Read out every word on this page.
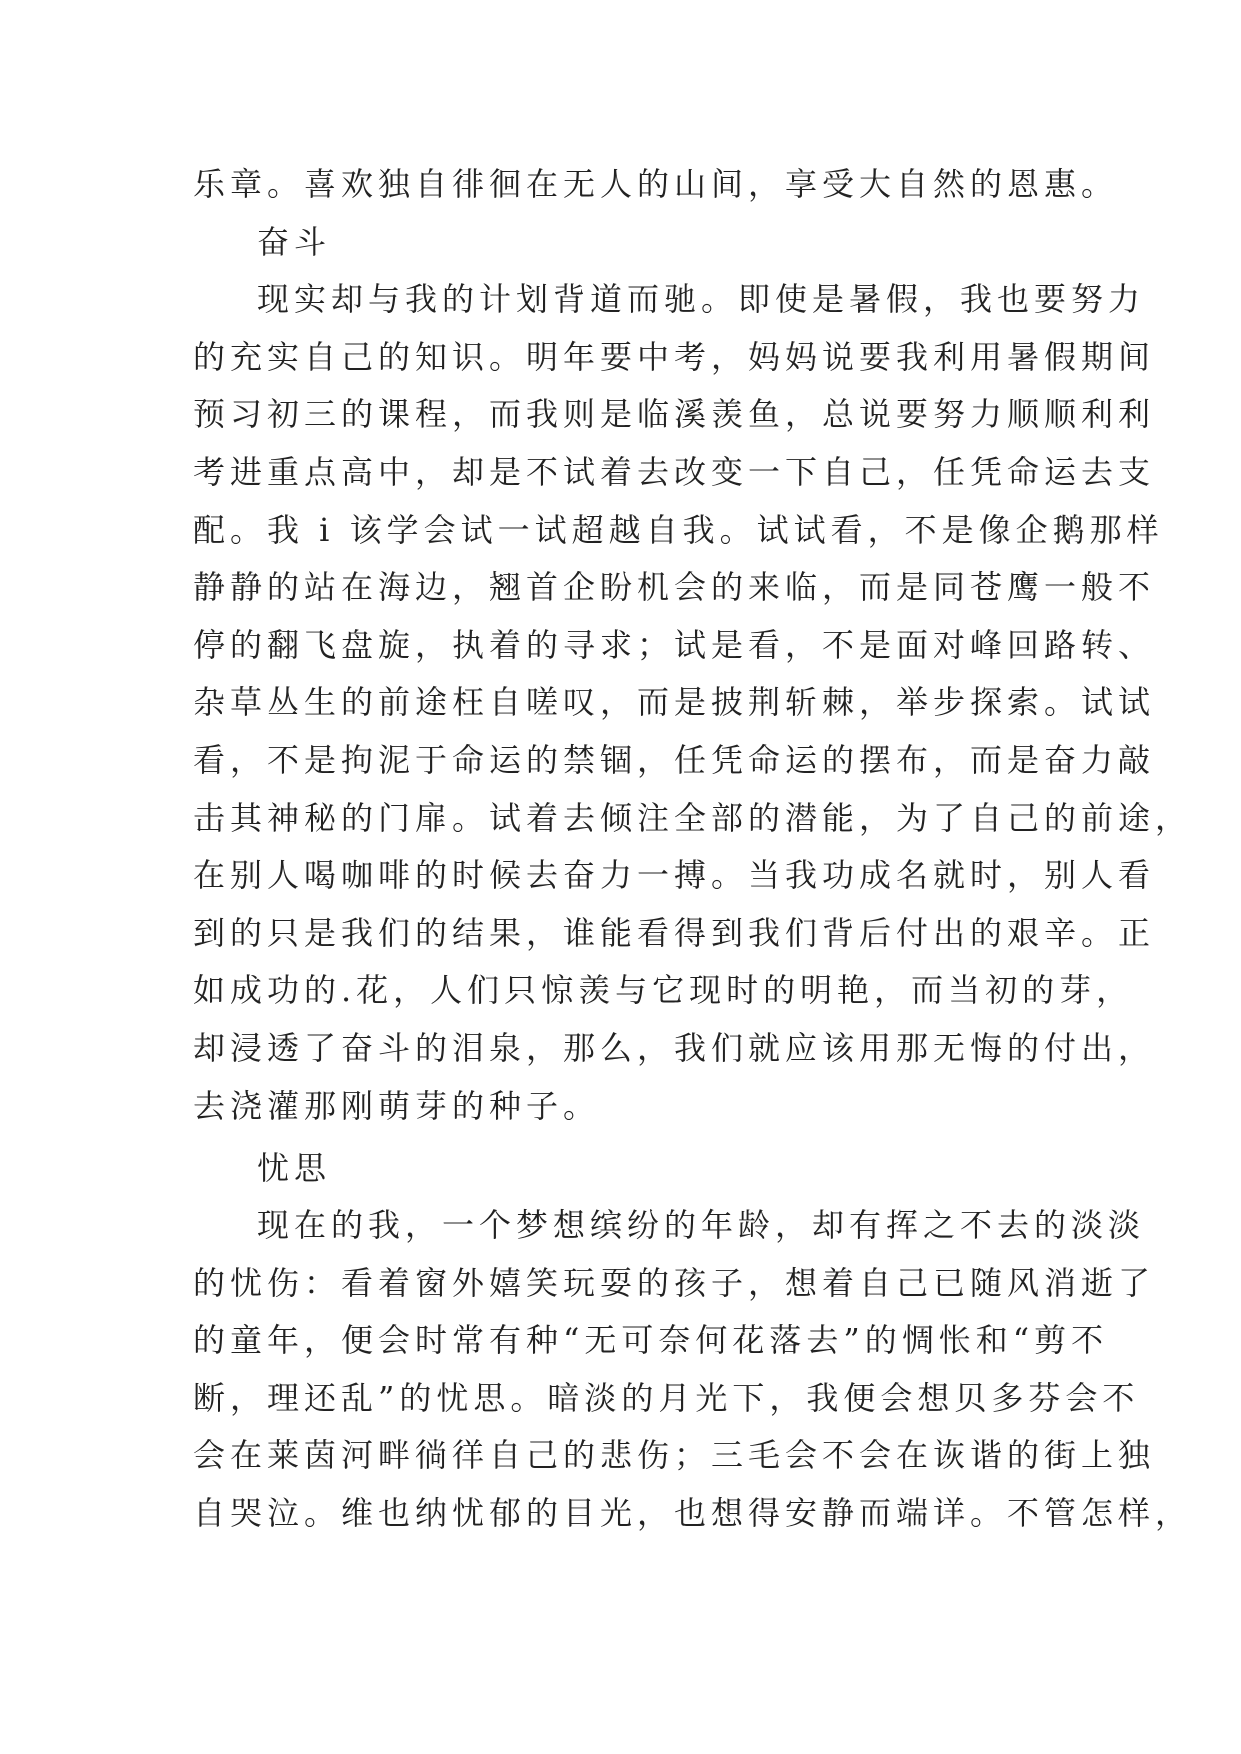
乐章。喜欢独自徘徊在无人的山间，享受大自然的恩惠。
奋斗
现实却与我的计划背道而驰。即使是暑假，我也要努力
的充实自己的知识。明年要中考，妈妈说要我利用暑假期间
预习初三的课程，而我则是临溪羡鱼，总说要努力顺顺利利
考进重点高中，却是不试着去改变一下自己，任凭命运去支
配。我 i 该学会试一试超越自我。试试看，不是像企鹅那样
静静的站在海边，翘首企盼机会的来临，而是同苍鹰一般不
停的翻飞盘旋，执着的寻求；试是看，不是面对峰回路转、
杂草丛生的前途枉自嗟叹，而是披荆斩棘，举步探索。试试
看，不是拘泥于命运的禁锢，任凭命运的摆布，而是奋力敲
击其神秘的门扉。试着去倾注全部的潜能，为了自己的前途，
在别人喝咖啡的时候去奋力一搏。当我功成名就时，别人看
到的只是我们的结果，谁能看得到我们背后付出的艰辛。正
如成功的.花，人们只惊羡与它现时的明艳，而当初的芽，
却浸透了奋斗的泪泉，那么，我们就应该用那无悔的付出，
去浇灌那刚萌芽的种子。
忧思
现在的我，一个梦想缤纷的年龄，却有挥之不去的淡淡
的忧伤：看着窗外嬉笑玩耍的孩子，想着自己已随风消逝了
的童年，便会时常有种“无可奈何花落去”的惆怅和“剪不
断，理还乱”的忧思。暗淡的月光下，我便会想贝多芬会不
会在莱茵河畔徜徉自己的悲伤；三毛会不会在诙谐的街上独
自哭泣。维也纳忧郁的目光，也想得安静而端详。不管怎样，
